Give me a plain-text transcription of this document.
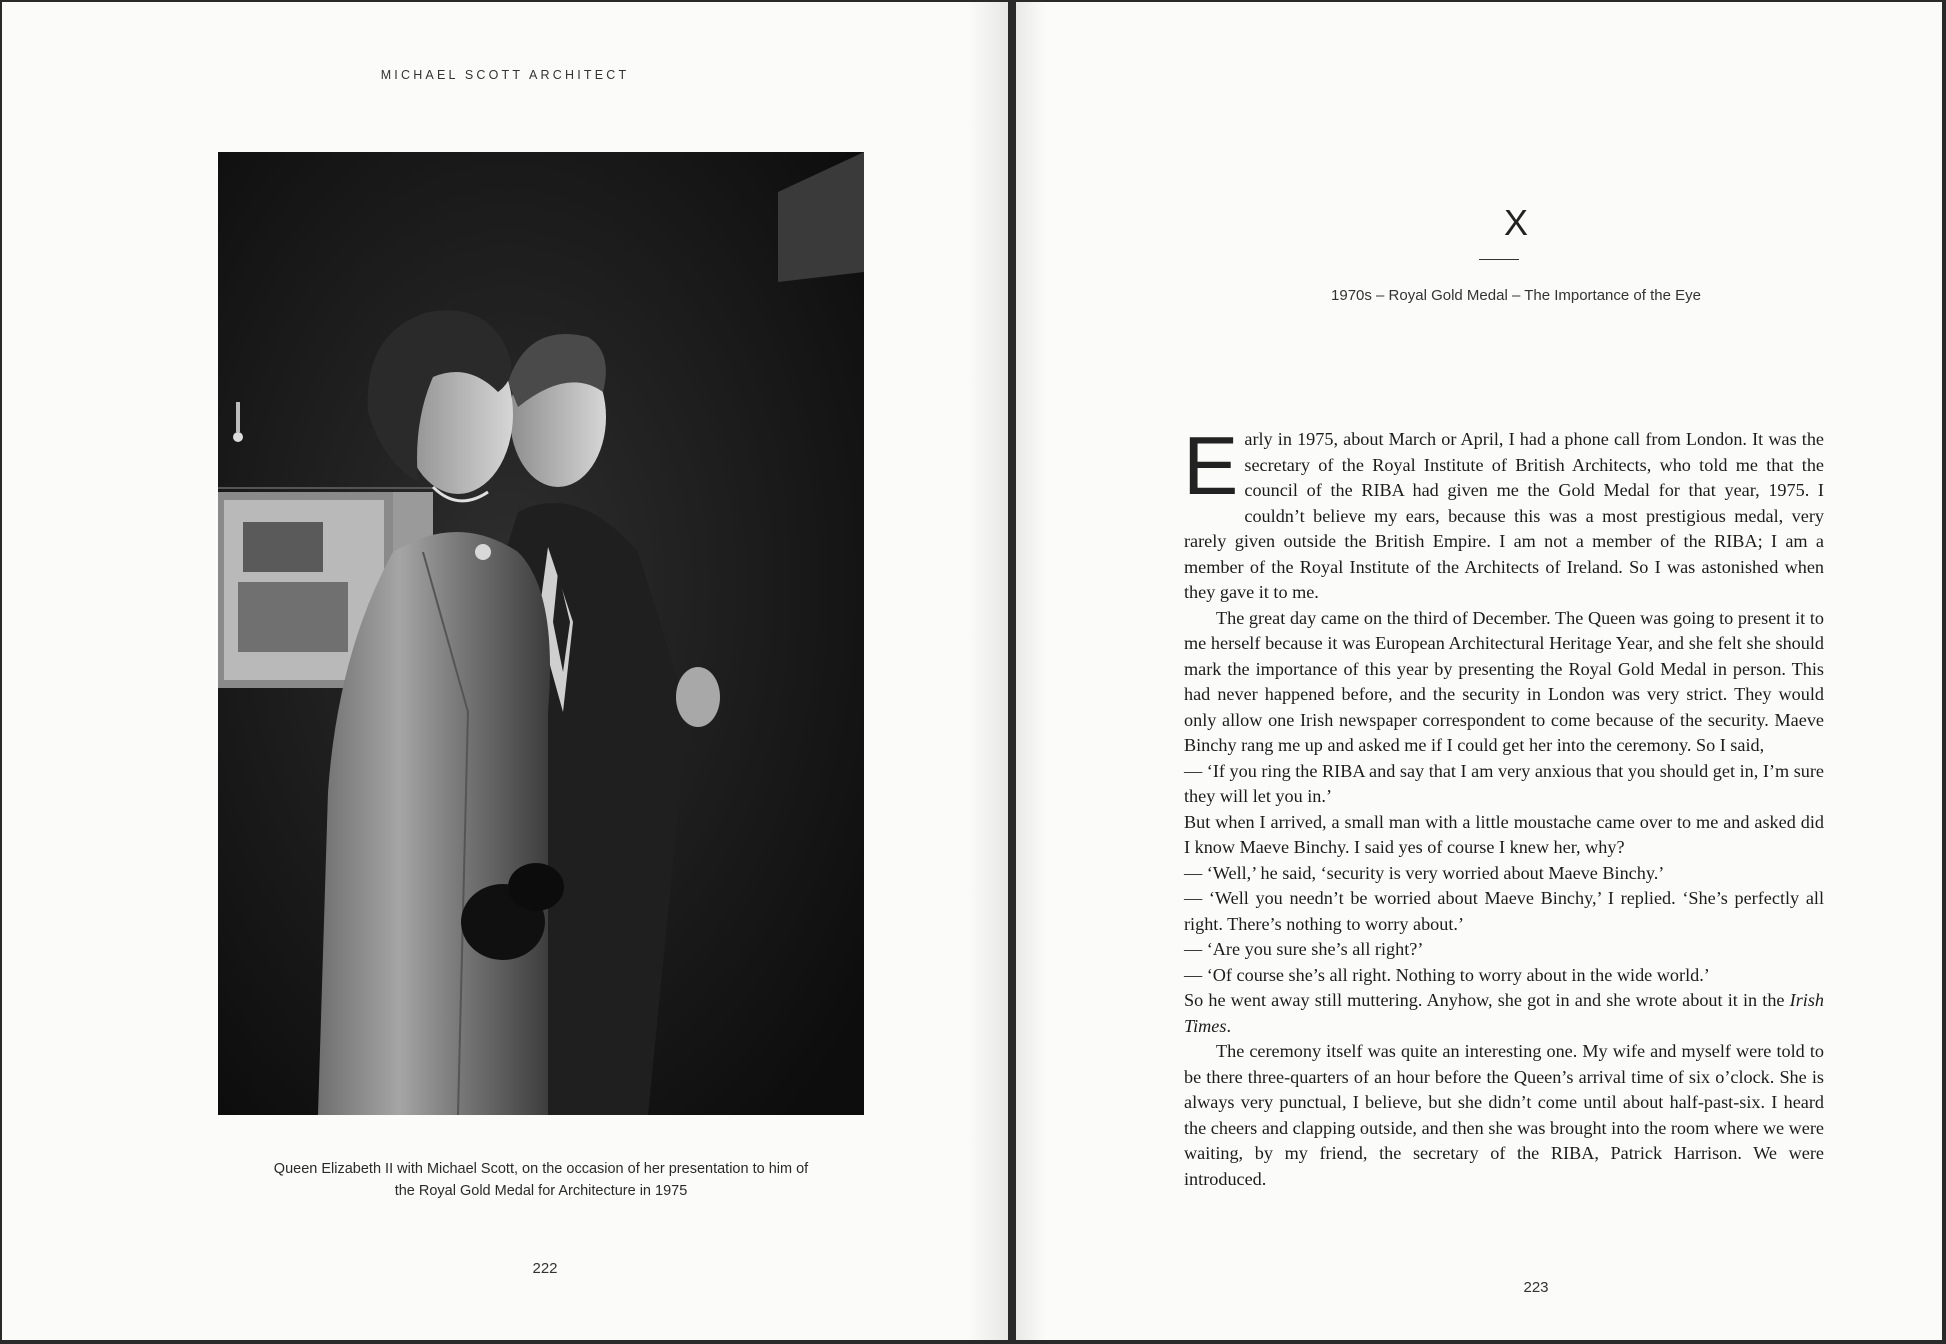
MICHAEL SCOTT ARCHITECT
Queen Elizabeth II with Michael Scott, on the occasion of her presentation to him of
the Royal Gold Medal for Architecture in 1975
222
X
1970s – Royal Gold Medal – The Importance of the Eye

Early in 1975, about March or April, I had a phone call from London. It was the secretary of the Royal Institute of British Architects, who told me that the council of the RIBA had given me the Gold Medal for that year, 1975. I couldn’t believe my ears, because this was a most prestigious medal, very rarely given outside the British Empire. I am not a member of the RIBA; I am a member of the Royal Institute of the Architects of Ireland. So I was astonished when they gave it to me.

The great day came on the third of December. The Queen was going to present it to me herself because it was European Architectural Heritage Year, and she felt she should mark the importance of this year by presenting the Royal Gold Medal in person. This had never happened before, and the security in London was very strict. They would only allow one Irish newspaper correspondent to come because of the security. Maeve Binchy rang me up and asked me if I could get her into the ceremony. So I said,

— ‘If you ring the RIBA and say that I am very anxious that you should get in, I’m sure they will let you in.’

But when I arrived, a small man with a little moustache came over to me and asked did I know Maeve Binchy. I said yes of course I knew her, why?

— ‘Well,’ he said, ‘security is very worried about Maeve Binchy.’

— ‘Well you needn’t be worried about Maeve Binchy,’ I replied. ‘She’s perfectly all right. There’s nothing to worry about.’

— ‘Are you sure she’s all right?’

— ‘Of course she’s all right. Nothing to worry about in the wide world.’

So he went away still muttering. Anyhow, she got in and she wrote about it in the Irish Times.

The ceremony itself was quite an interesting one. My wife and myself were told to be there three-quarters of an hour before the Queen’s arrival time of six o’clock. She is always very punctual, I believe, but she didn’t come until about half-past-six. I heard the cheers and clapping outside, and then she was brought into the room where we were waiting, by my friend, the secretary of the RIBA, Patrick Harrison. We were introduced.

223
